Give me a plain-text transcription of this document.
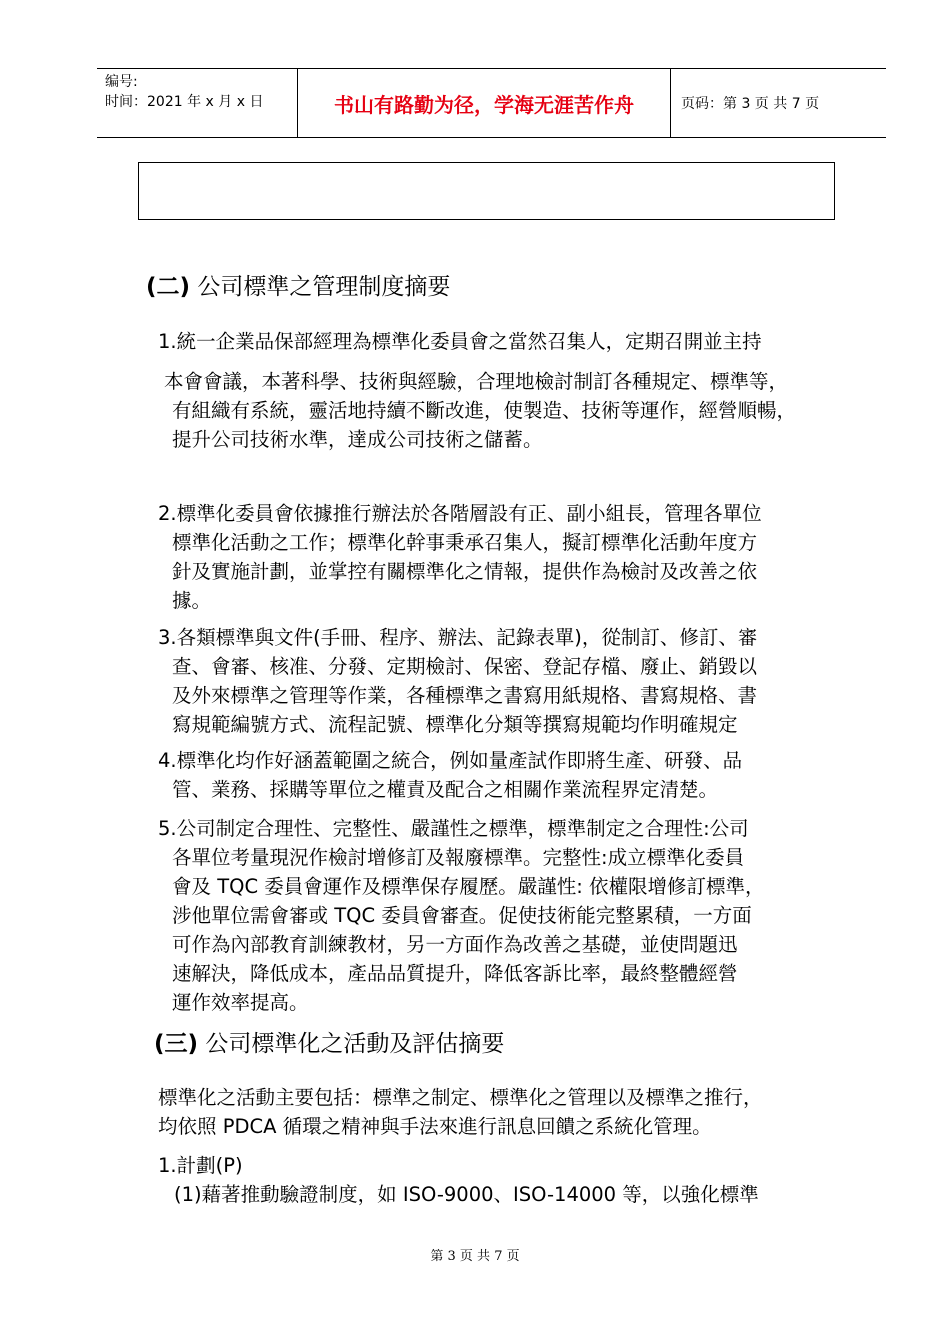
编号:
时间：2021 年 x 月 x 日	书山有路勤为径，学海无涯苦作舟	页码：第 3 页 共 7 页
(二) 公司標準之管理制度摘要
1.統一企業品保部經理為標準化委員會之當然召集人，定期召開並主持
本會會議，本著科學、技術與經驗，合理地檢討制訂各種規定、標準等，
有組織有系統，靈活地持續不斷改進，使製造、技術等運作，經營順暢，
提升公司技術水準，達成公司技術之儲蓄。
2.標準化委員會依據推行辦法於各階層設有正、副小組長，管理各單位
標準化活動之工作；標準化幹事秉承召集人，擬訂標準化活動年度方
針及實施計劃，並掌控有關標準化之情報，提供作為檢討及改善之依
據。
3.各類標準與文件(手冊、程序、辦法、記錄表單)，從制訂、修訂、審
查、會審、核准、分發、定期檢討、保密、登記存檔、廢止、銷毀以
及外來標準之管理等作業，各種標準之書寫用紙規格、書寫規格、書
寫規範編號方式、流程記號、標準化分類等撰寫規範均作明確規定
4.標準化均作好涵蓋範圍之統合，例如量產試作即將生產、研發、品
管、業務、採購等單位之權責及配合之相關作業流程界定清楚。
5.公司制定合理性、完整性、嚴謹性之標準，標準制定之合理性:公司
各單位考量現況作檢討增修訂及報廢標準。完整性:成立標準化委員
會及 TQC 委員會運作及標準保存履歷。嚴謹性: 依權限增修訂標準，
涉他單位需會審或 TQC 委員會審查。促使技術能完整累積，一方面
可作為內部教育訓練教材，另一方面作為改善之基礎，並使問題迅
速解決，降低成本，產品品質提升，降低客訴比率，最終整體經營
運作效率提高。
(三) 公司標準化之活動及評估摘要
標準化之活動主要包括：標準之制定、標準化之管理以及標準之推行，
均依照 PDCA 循環之精神與手法來進行訊息回饋之系統化管理。
1.計劃(P)
(1)藉著推動驗證制度，如 ISO-9000、ISO-14000 等，以強化標準
第 3 页 共 7 页
